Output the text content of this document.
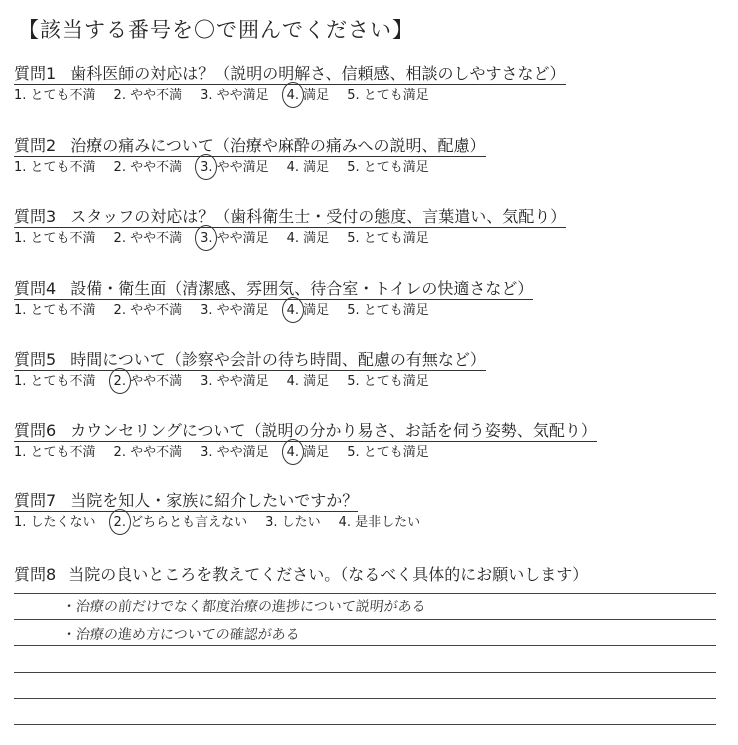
【該当する番号を〇で囲んでください】
質問1 歯科医師の対応は？（説明の明解さ、信頼感、相談のしやすさなど）
1. とても不満 2. やや不満 3. やや満足 4. 満足 5. とても満足
質問2 治療の痛みについて（治療や麻酔の痛みへの説明、配慮）
1. とても不満 2. やや不満 3. やや満足 4. 満足 5. とても満足
質問3 スタッフの対応は？（歯科衛生士・受付の態度、言葉遣い、気配り）
1. とても不満 2. やや不満 3. やや満足 4. 満足 5. とても満足
質問4 設備・衛生面（清潔感、雰囲気、待合室・トイレの快適さなど）
1. とても不満 2. やや不満 3. やや満足 4. 満足 5. とても満足
質問5 時間について（診察や会計の待ち時間、配慮の有無など）
1. とても不満 2. やや不満 3. やや満足 4. 満足 5. とても満足
質問6 カウンセリングについて（説明の分かり易さ、お話を伺う姿勢、気配り）
1. とても不満 2. やや不満 3. やや満足 4. 満足 5. とても満足
質問7 当院を知人・家族に紹介したいですか？
1. したくない 2. どちらとも言えない 3. したい 4. 是非したい
質問8 当院の良いところを教えてください。（なるべく具体的にお願いします）
・治療の前だけでなく都度治療の進捗について説明がある
・治療の進め方についての確認がある
